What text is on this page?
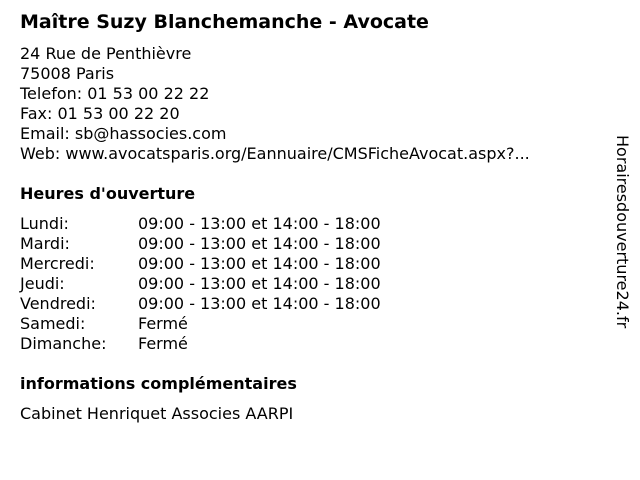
Maître Suzy Blanchemanche - Avocate
24 Rue de Penthièvre
75008 Paris
Telefon: 01 53 00 22 22
Fax: 01 53 00 22 20
Email: sb@hassocies.com
Web: www.avocatsparis.org/Eannuaire/CMSFicheAvocat.aspx?...
Heures d'ouverture
Lundi:	09:00 - 13:00 et 14:00 - 18:00
Mardi:	09:00 - 13:00 et 14:00 - 18:00
Mercredi:	09:00 - 13:00 et 14:00 - 18:00
Jeudi:	09:00 - 13:00 et 14:00 - 18:00
Vendredi:	09:00 - 13:00 et 14:00 - 18:00
Samedi:	Fermé
Dimanche:	Fermé
informations complémentaires
Cabinet Henriquet Associes AARPI
Horairesdouverture24.fr
